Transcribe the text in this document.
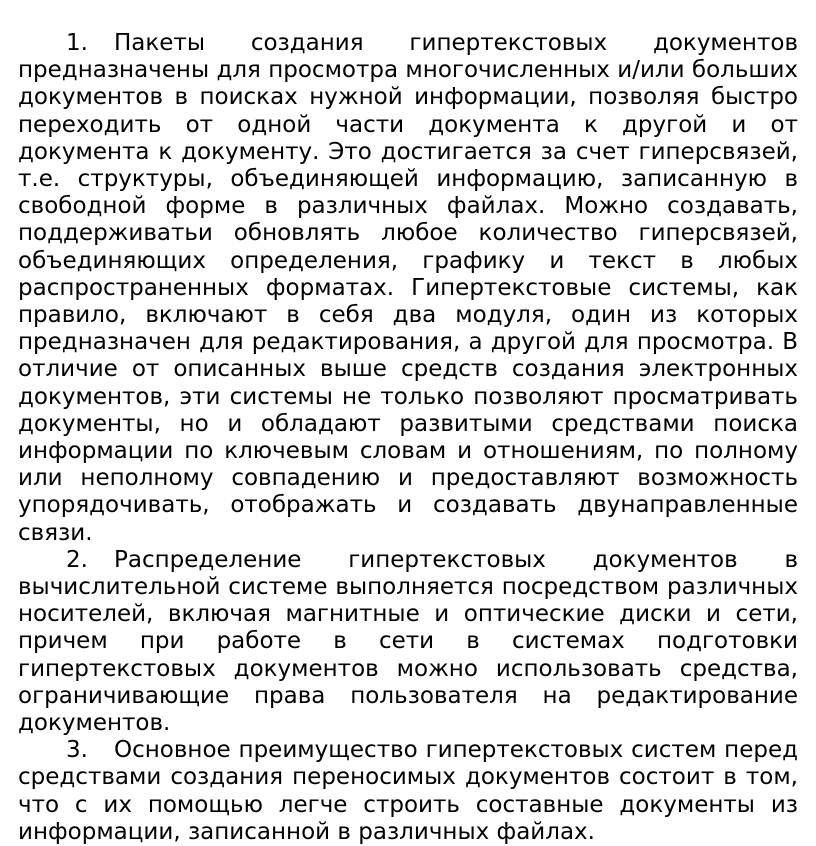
1. Пакеты создания гипертекстовых документов предназначены для просмотра многочисленных и/или больших документов в поисках нужной информации, позволяя быстро переходить от одной части документа к другой и от документа к документу. Это достигается за счет гиперсвязей, т.е. структуры, объединяющей информацию, записанную в свободной форме в различных файлах. Можно создавать, поддерживатьи обновлять любое количество гиперсвязей, объединяющих определения, графику и текст в любых распространенных форматах. Гипертекстовые системы, как правило, включают в себя два модуля, один из которых предназначен для редактирования, а другой для просмотра. В отличие от описанных выше средств создания электронных документов, эти системы не только позволяют просматривать документы, но и обладают развитыми средствами поиска информации по ключевым словам и отношениям, по полному или неполному совпадению и предоставляют возможность упорядочивать, отображать и создавать двунаправленные связи.

2. Распределение гипертекстовых документов в вычислительной системе выполняется посредством различных носителей, включая магнитные и оптические диски и сети, причем при работе в сети в системах подготовки гипертекстовых документов можно использовать средства, ограничивающие права пользователя на редактирование документов.

3. Основное преимущество гипертекстовых систем перед средствами создания переносимых документов состоит в том, что с их помощью легче строить составные документы из информации, записанной в различных файлах.
